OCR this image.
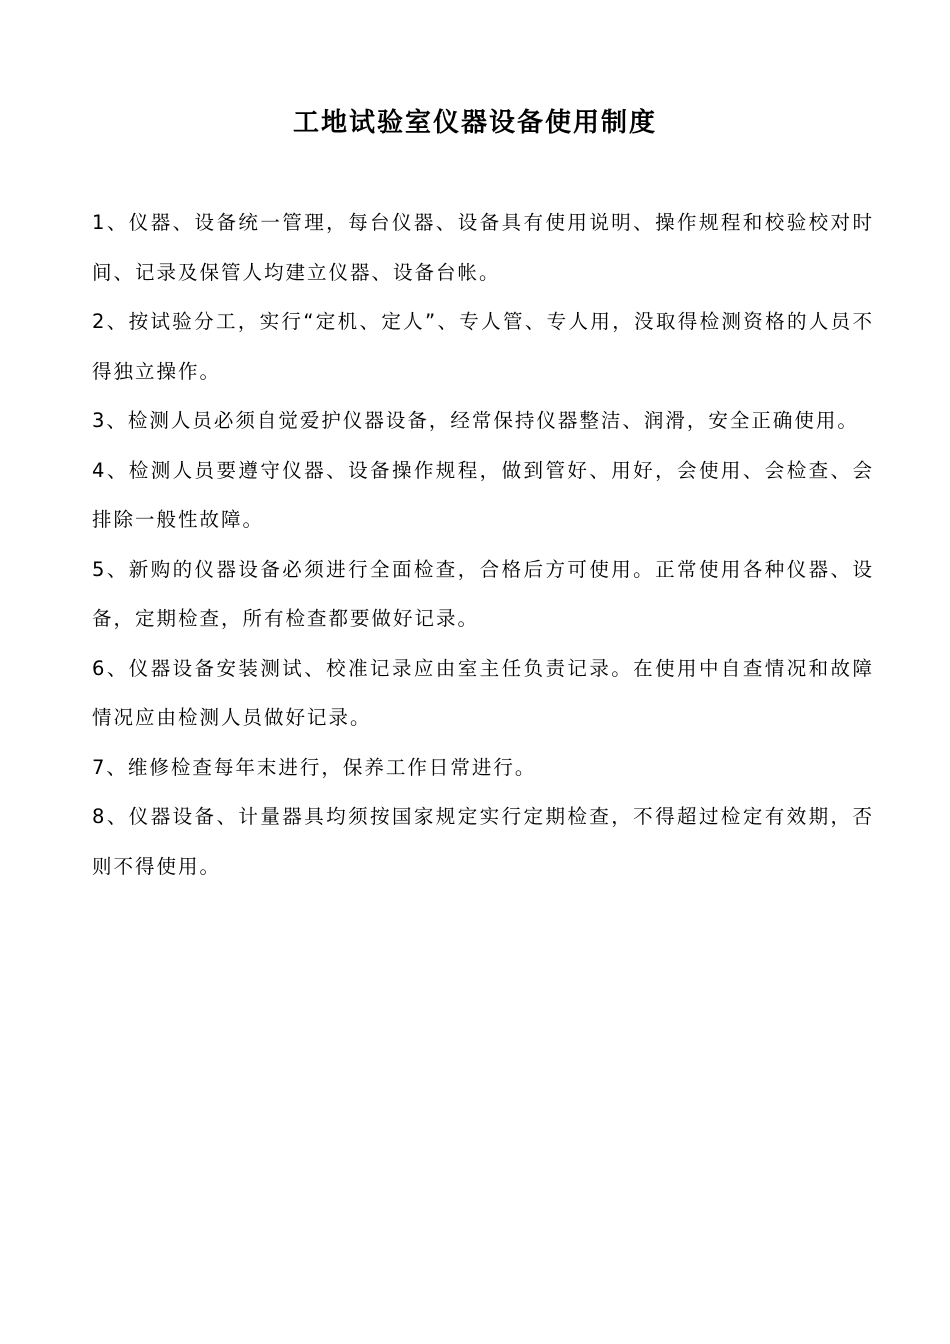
工地试验室仪器设备使用制度
1、仪器、设备统一管理，每台仪器、设备具有使用说明、操作规程和校验校对时间、记录及保管人均建立仪器、设备台帐。
2、按试验分工，实行“定机、定人”、专人管、专人用，没取得检测资格的人员不得独立操作。
3、检测人员必须自觉爱护仪器设备，经常保持仪器整洁、润滑，安全正确使用。
4、检测人员要遵守仪器、设备操作规程，做到管好、用好，会使用、会检查、会排除一般性故障。
5、新购的仪器设备必须进行全面检查，合格后方可使用。正常使用各种仪器、设备，定期检查，所有检查都要做好记录。
6、仪器设备安装测试、校准记录应由室主任负责记录。在使用中自查情况和故障情况应由检测人员做好记录。
7、维修检查每年末进行，保养工作日常进行。
8、仪器设备、计量器具均须按国家规定实行定期检查，不得超过检定有效期，否则不得使用。
